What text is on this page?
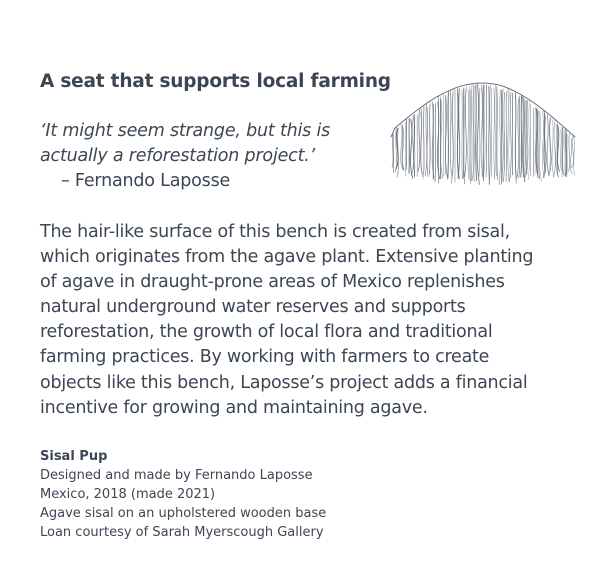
A seat that supports local farming
‘It might seem strange, but this is
actually a reforestation project.’
– Fernando Laposse
The hair-like surface of this bench is created from sisal,
which originates from the agave plant. Extensive planting
of agave in draught-prone areas of Mexico replenishes
natural underground water reserves and supports
reforestation, the growth of local flora and traditional
farming practices. By working with farmers to create
objects like this bench, Laposse’s project adds a financial
incentive for growing and maintaining agave.
Sisal Pup
Designed and made by Fernando Laposse
Mexico, 2018 (made 2021)
Agave sisal on an upholstered wooden base
Loan courtesy of Sarah Myerscough Gallery
